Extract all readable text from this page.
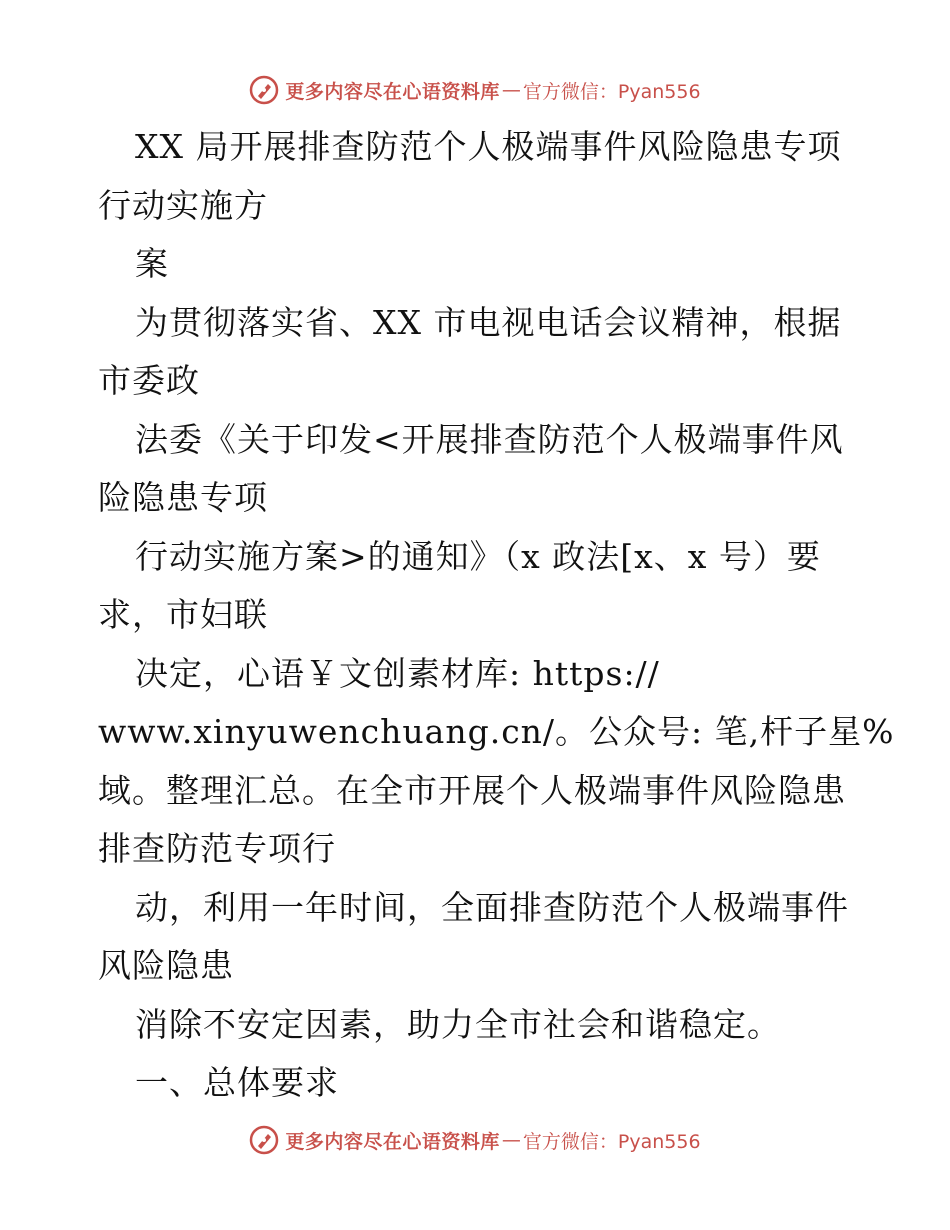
更多内容尽在心语资料库 — 官方微信：Pyan556
XX 局开展排查防范个人极端事件风险隐患专项
行动实施方
案
为贯彻落实省、XX 市电视电话会议精神，根据
市委政
法委《关于印发<开展排查防范个人极端事件风
险隐患专项
行动实施方案>的通知》（x 政法[x、x 号）要
求，市妇联
决定，心语￥文创素材库: https://
www.xinyuwenchuang.cn/。公众号: 笔,杆子星%
域。整理汇总。在全市开展个人极端事件风险隐患
排查防范专项行
动，利用一年时间，全面排查防范个人极端事件
风险隐患
消除不安定因素，助力全市社会和谐稳定。
一、总体要求
更多内容尽在心语资料库 — 官方微信：Pyan556
